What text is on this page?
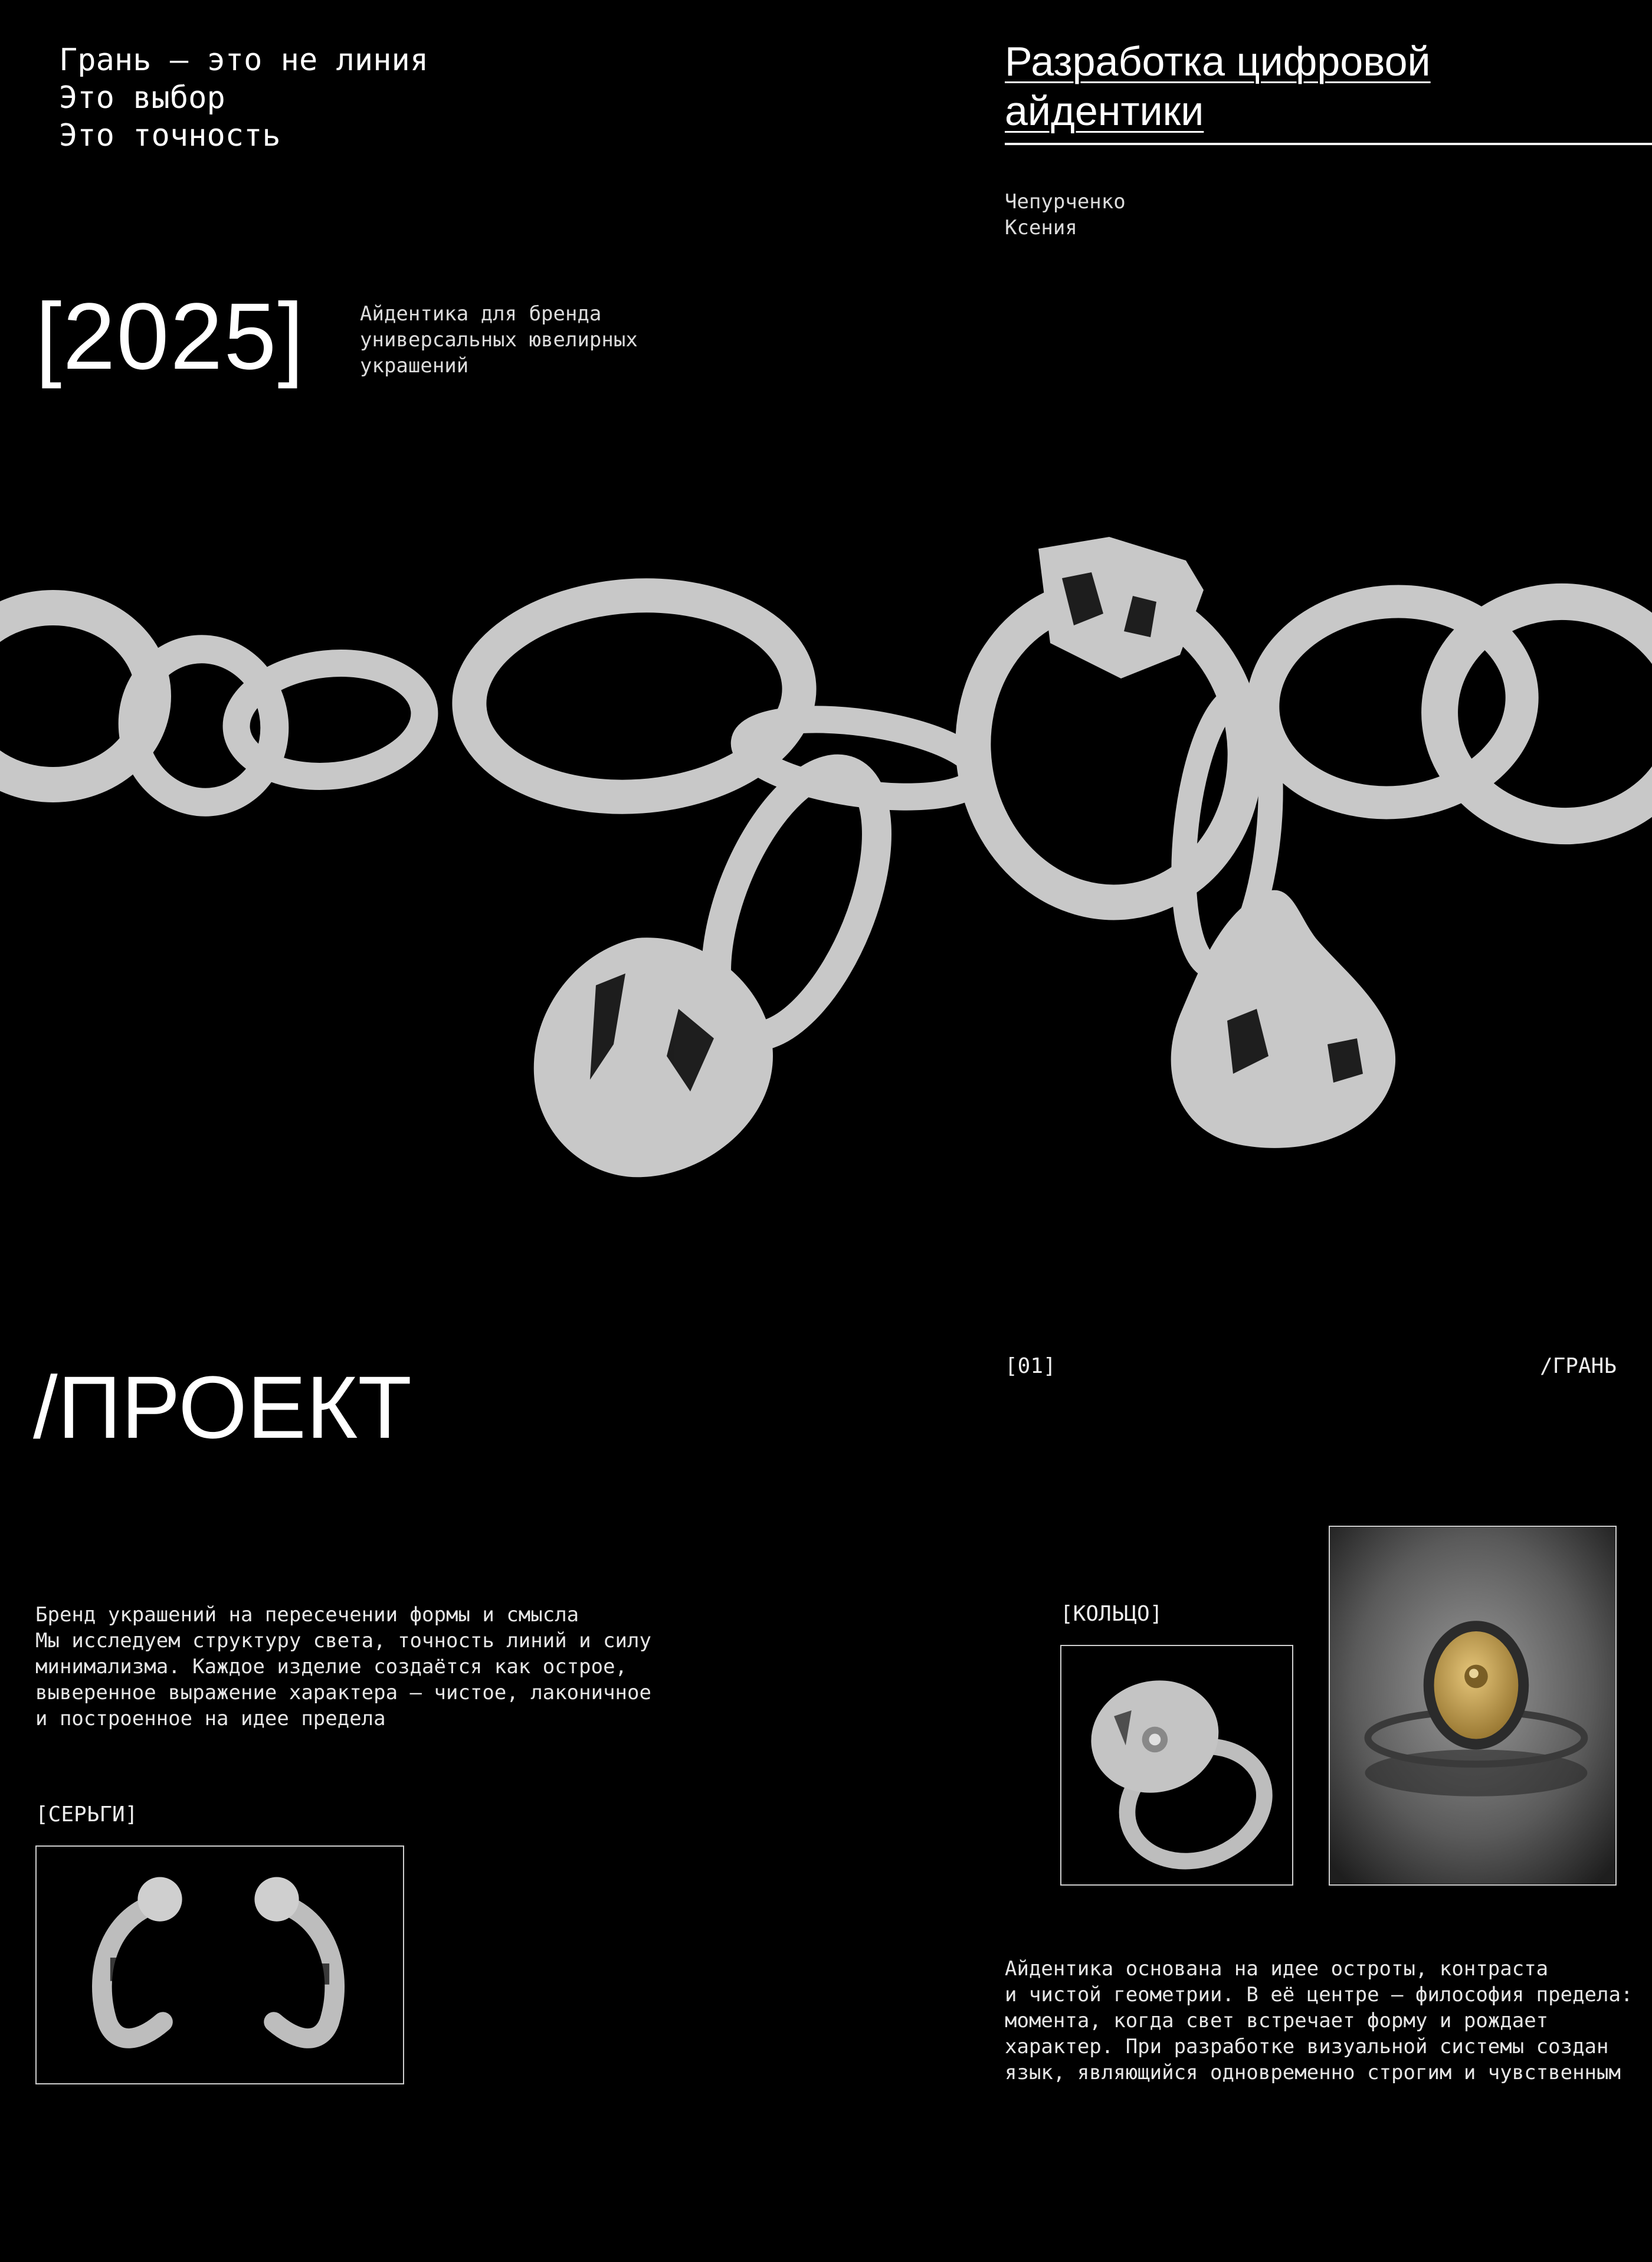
Грань — это не линия
Это выбор
Это точность
Разработка цифровой
айдентики
Чепурченко
Ксения
[2025]	Айдентика для бренда
универсальных ювелирных
украшений
/ПРОЕКТ	[01]	/ГРАНЬ
Бренд украшений на пересечении формы и смысла
Мы исследуем структуру света, точность линий и силу
минимализма. Каждое изделие создаётся как острое,
выверенное выражение характера — чистое, лаконичное
и построенное на идее предела
[СЕРЬГИ]
[КОЛЬЦО]
Айдентика основана на идее остроты, контраста
и чистой геометрии. В её центре — философия предела:
момента, когда свет встречает форму и рождает
характер. При разработке визуальной системы создан
язык, являющийся одновременно строгим и чувственным
